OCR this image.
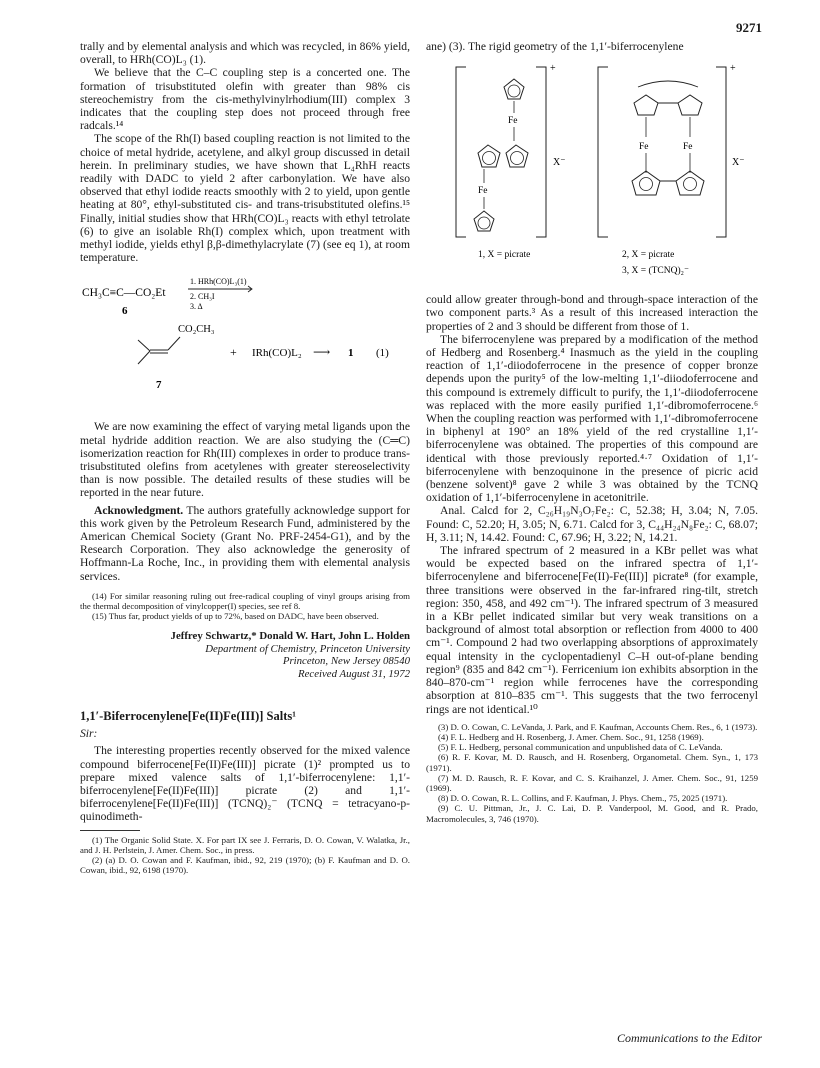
9271

trally and by elemental analysis and which was recycled, in 86% yield, overall, to HRh(CO)L₃ (1).

We believe that the C–C coupling step is a concerted one. The formation of trisubstituted olefin with greater than 98% cis stereochemistry from the cis-methylvinylrhodium(III) complex 3 indicates that the coupling step does not proceed through free radcals.¹⁴

The scope of the Rh(I) based coupling reaction is not limited to the choice of metal hydride, acetylene, and alkyl group discussed in detail herein. In preliminary studies, we have shown that L₄RhH reacts readily with DADC to yield 2 after carbonylation. We have also observed that ethyl iodide reacts smoothly with 2 to yield, upon gentle heating at 80°, ethyl-substituted cis- and trans-trisubstituted olefins.¹⁵ Finally, initial studies show that HRh(CO)L₃ reacts with ethyl tetrolate (6) to give an isolable Rh(I) complex which, upon treatment with methyl iodide, yields ethyl β,β-dimethylacrylate (7) (see eq 1), at room temperature.

CH₃C≡C—CO₂Et
6
1. HRh(CO)L₃(1)
2. CH₃I
3. Δ
CO₂CH₃
+ IRh(CO)L₂ ⟶ 1 (1)
7

We are now examining the effect of varying metal ligands upon the metal hydride addition reaction. We are also studying the (C═C) isomerization reaction for Rh(III) complexes in order to produce trans-trisubstituted olefins from acetylenes with greater stereoselectivity than is now possible. The detailed results of these studies will be reported in the near future.

Acknowledgment. The authors gratefully acknowledge support for this work given by the Petroleum Research Fund, administered by the American Chemical Society (Grant No. PRF-2454-G1), and by the Research Corporation. They also acknowledge the generosity of Hoffmann-La Roche, Inc., in providing them with elemental analysis services.

(14) For similar reasoning ruling out free-radical coupling of vinyl groups arising from the thermal decomposition of vinylcopper(I) species, see ref 8.

(15) Thus far, product yields of up to 72%, based on DADC, have been observed.

Jeffrey Schwartz,* Donald W. Hart, John L. Holden
Department of Chemistry, Princeton University
Princeton, New Jersey 08540
Received August 31, 1972
1,1′-Biferrocenylene[Fe(II)Fe(III)] Salts¹
Sir:

The interesting properties recently observed for the mixed valence compound biferrocene[Fe(II)Fe(III)] picrate (1)² prompted us to prepare mixed valence salts of 1,1′-biferrocenylene: 1,1′-biferrocenylene[Fe(II)Fe(III)] picrate (2) and 1,1′-biferrocenylene[Fe(II)Fe(III)] (TCNQ)₂⁻ (TCNQ = tetracyano-p-quinodimeth-

(1) The Organic Solid State. X. For part IX see J. Ferraris, D. O. Cowan, V. Walatka, Jr., and J. H. Perlstein, J. Amer. Chem. Soc., in press.

(2) (a) D. O. Cowan and F. Kaufman, ibid., 92, 219 (1970); (b) F. Kaufman and D. O. Cowan, ibid., 92, 6198 (1970).

ane) (3). The rigid geometry of the 1,1′-biferrocenylene

+
X⁻
Fe
Fe
1, X = picrate
+
X⁻
Fe	Fe
2, X = picrate
3, X = (TCNQ)₂⁻

could allow greater through-bond and through-space interaction of the two component parts.³ As a result of this increased interaction the properties of 2 and 3 should be different from those of 1.

The biferrocenylene was prepared by a modification of the method of Hedberg and Rosenberg.⁴ Inasmuch as the yield in the coupling reaction of 1,1′-diiodoferrocene in the presence of copper bronze depends upon the purity⁵ of the low-melting 1,1′-diiodoferrocene and this compound is extremely difficult to purify, the 1,1′-diiodoferrocene was replaced with the more easily purified 1,1′-dibromoferrocene.⁶ When the coupling reaction was performed with 1,1′-dibromoferrocene in biphenyl at 190° an 18% yield of the red crystalline 1,1′-biferrocenylene was obtained. The properties of this compound are identical with those previously reported.⁴·⁷ Oxidation of 1,1′-biferrocenylene with benzoquinone in the presence of picric acid (benzene solvent)⁸ gave 2 while 3 was obtained by the TCNQ oxidation of 1,1′-biferrocenylene in acetonitrile.

Anal. Calcd for 2, C₂₆H₁₉N₃O₇Fe₂: C, 52.38; H, 3.04; N, 7.05. Found: C, 52.20; H, 3.05; N, 6.71. Calcd for 3, C₄₄H₂₄N₈Fe₂: C, 68.07; H, 3.11; N, 14.42. Found: C, 67.96; H, 3.22; N, 14.21.

The infrared spectrum of 2 measured in a KBr pellet was what would be expected based on the infrared spectra of 1,1′-biferrocenylene and biferrocene[Fe(II)-Fe(III)] picrate⁸ (for example, three transitions were observed in the far-infrared ring-tilt, stretch region: 350, 458, and 492 cm⁻¹). The infrared spectrum of 3 measured in a KBr pellet indicated similar but very weak transitions on a background of almost total absorption or reflection from 4000 to 400 cm⁻¹. Compound 2 had two overlapping absorptions of approximately equal intensity in the cyclopentadienyl C–H out-of-plane bending region⁹ (835 and 842 cm⁻¹). Ferricenium ion exhibits absorption in the 840–870-cm⁻¹ region while ferrocenes have the corresponding absorption at 810–835 cm⁻¹. This suggests that the two ferrocenyl rings are not identical.¹⁰

(3) D. O. Cowan, C. LeVanda, J. Park, and F. Kaufman, Accounts Chem. Res., 6, 1 (1973).

(4) F. L. Hedberg and H. Rosenberg, J. Amer. Chem. Soc., 91, 1258 (1969).

(5) F. L. Hedberg, personal communication and unpublished data of C. LeVanda.

(6) R. F. Kovar, M. D. Rausch, and H. Rosenberg, Organometal. Chem. Syn., 1, 173 (1971).

(7) M. D. Rausch, R. F. Kovar, and C. S. Kraihanzel, J. Amer. Chem. Soc., 91, 1259 (1969).

(8) D. O. Cowan, R. L. Collins, and F. Kaufman, J. Phys. Chem., 75, 2025 (1971).

(9) C. U. Pittman, Jr., J. C. Lai, D. P. Vanderpool, M. Good, and R. Prado, Macromolecules, 3, 746 (1970).

Communications to the Editor
